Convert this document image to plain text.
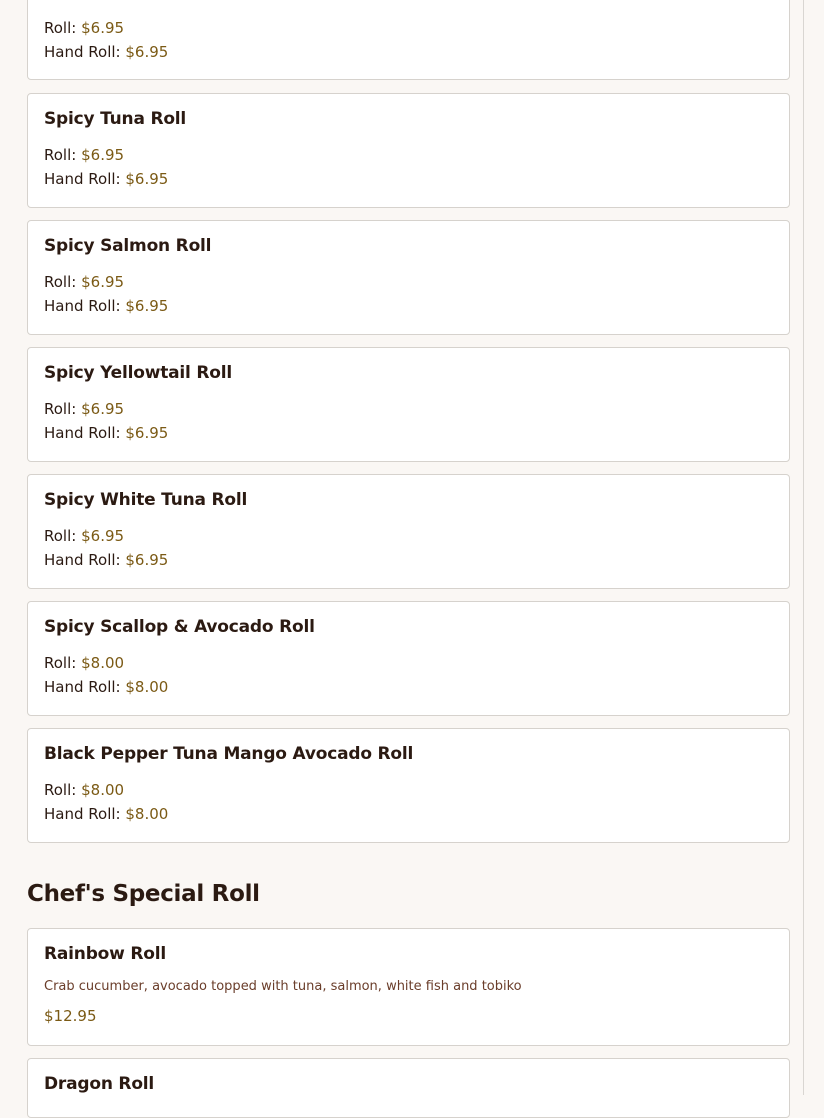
Roll: $6.95
Hand Roll: $6.95
Spicy Tuna Roll
Roll: $6.95
Hand Roll: $6.95
Spicy Salmon Roll
Roll: $6.95
Hand Roll: $6.95
Spicy Yellowtail Roll
Roll: $6.95
Hand Roll: $6.95
Spicy White Tuna Roll
Roll: $6.95
Hand Roll: $6.95
Spicy Scallop & Avocado Roll
Roll: $8.00
Hand Roll: $8.00
Black Pepper Tuna Mango Avocado Roll
Roll: $8.00
Hand Roll: $8.00
Chef's Special Roll
Rainbow Roll
Crab cucumber, avocado topped with tuna, salmon, white fish and tobiko
$12.95
Dragon Roll
